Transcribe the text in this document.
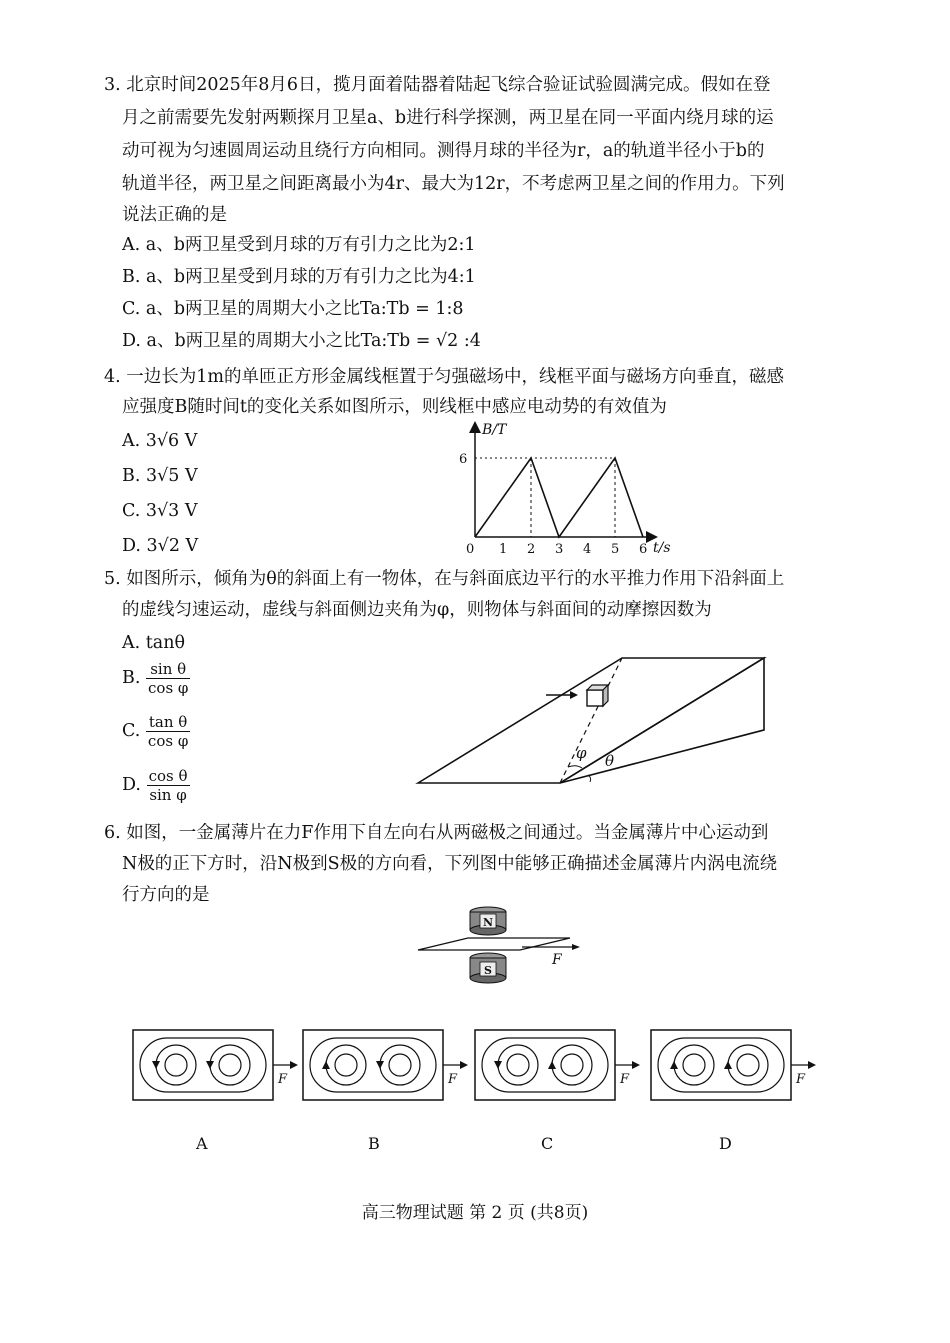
3. 北京时间2025年8月6日，揽月面着陆器着陆起飞综合验证试验圆满完成。假如在登
月之前需要先发射两颗探月卫星a、b进行科学探测，两卫星在同一平面内绕月球的运
动可视为匀速圆周运动且绕行方向相同。测得月球的半径为r，a的轨道半径小于b的
轨道半径，两卫星之间距离最小为4r、最大为12r，不考虑两卫星之间的作用力。下列
说法正确的是
A. a、b两卫星受到月球的万有引力之比为2:1
B. a、b两卫星受到月球的万有引力之比为4:1
C. a、b两卫星的周期大小之比Ta:Tb = 1:8
D. a、b两卫星的周期大小之比Ta:Tb = √2 :4
4. 一边长为1m的单匝正方形金属线框置于匀强磁场中，线框平面与磁场方向垂直，磁感
应强度B随时间t的变化关系如图所示，则线框中感应电动势的有效值为
A. 3√6 V
B. 3√5 V
C. 3√3 V
D. 3√2 V
B/T
t/s
0 1 2 3 4 5 6
6
5. 如图所示，倾角为θ的斜面上有一物体，在与斜面底边平行的水平推力作用下沿斜面上
的虚线匀速运动，虚线与斜面侧边夹角为φ，则物体与斜面间的动摩擦因数为
A. tanθ
B. $\frac{\text{sin θ}}{\text{cos φ}}$
C. $\frac{\text{tan θ}}{\text{cos φ}}$
D. $\frac{\text{cos θ}}{\text{sin φ}}$
φ θ
6. 如图，一金属薄片在力F作用下自左向右从两磁极之间通过。当金属薄片中心运动到
N极的正下方时，沿N极到S极的方向看，下列图中能够正确描述金属薄片内涡电流绕
行方向的是
N
F
S
F	F	F	F
A	B	C	D
高三物理试题 第 2 页 (共8页)
